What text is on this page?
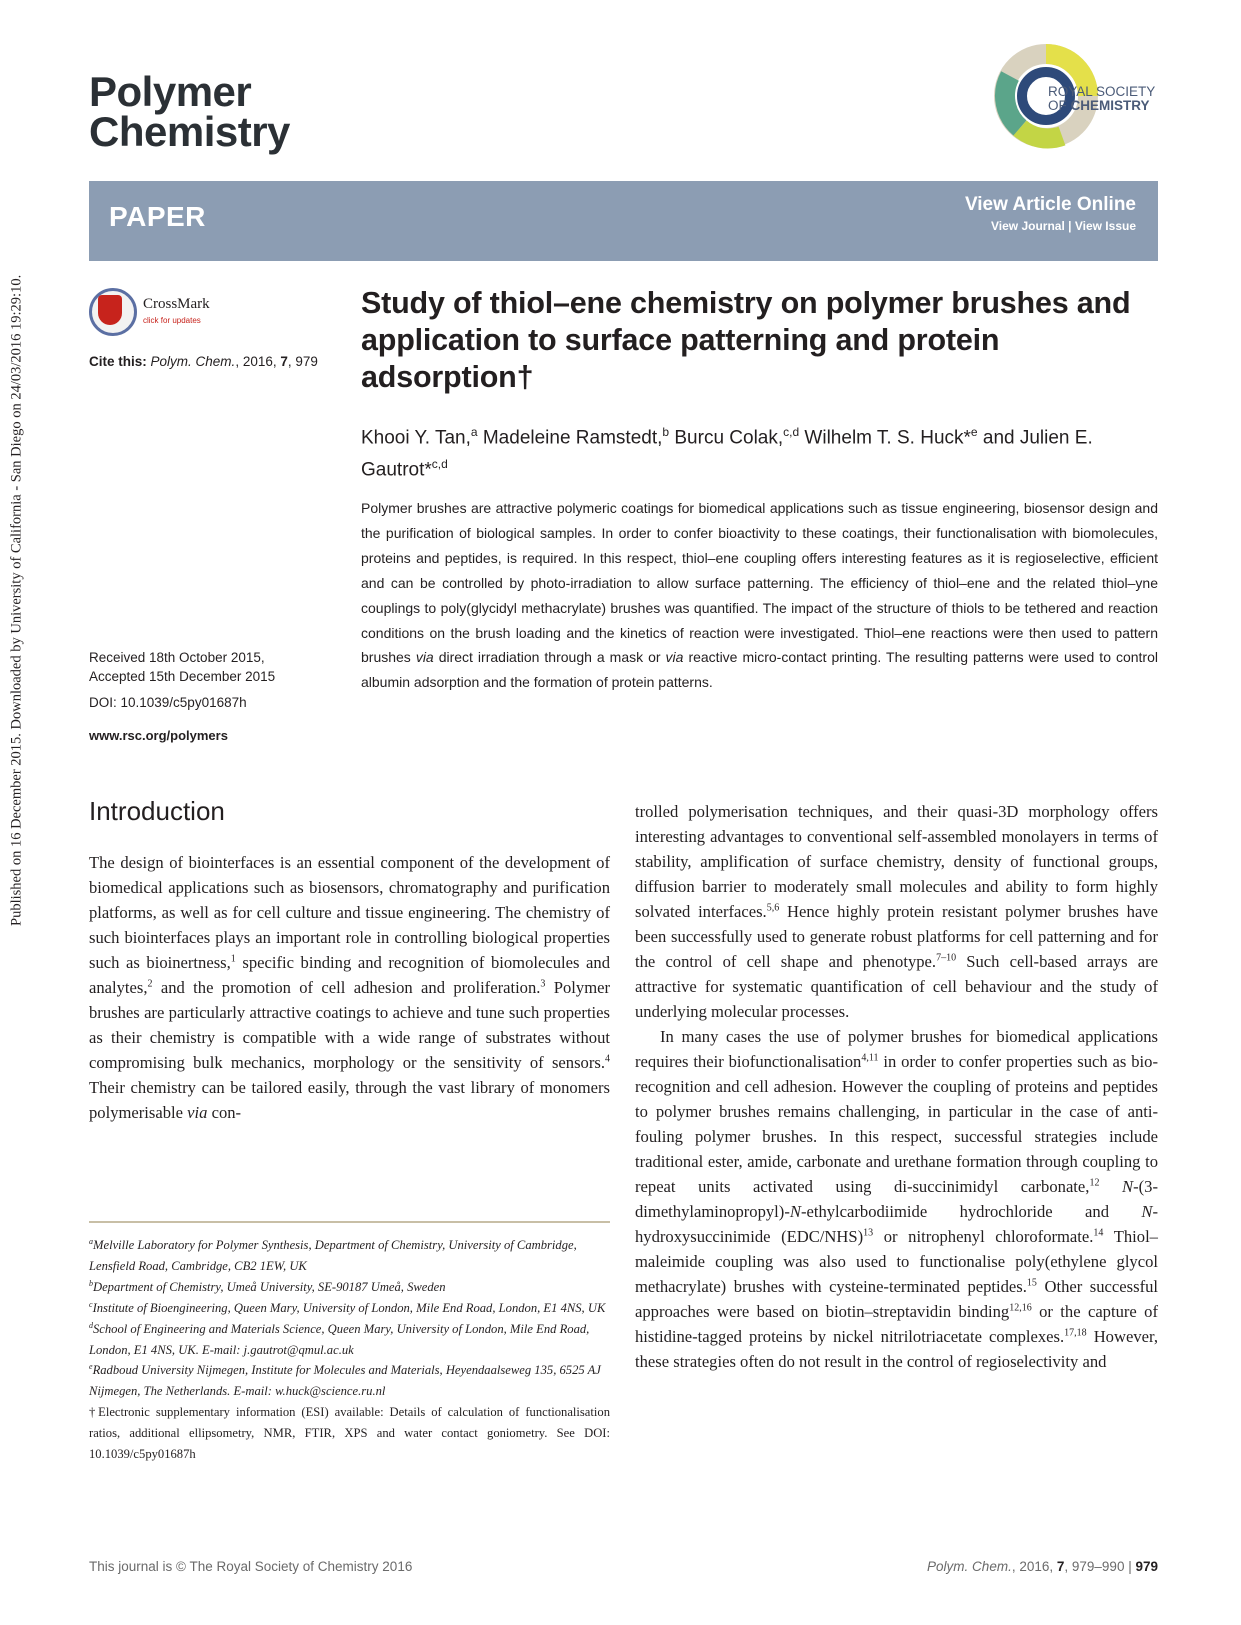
Published on 16 December 2015. Downloaded by University of California - San Diego on 24/03/2016 19:29:10.
Polymer
Chemistry
ROYAL SOCIETY
OF CHEMISTRY
PAPER	View Article Online
View Journal | View Issue
CrossMark
click for updates
Cite this: Polym. Chem., 2016, 7, 979
Study of thiol–ene chemistry on polymer brushes and application to surface patterning and protein adsorption†
Khooi Y. Tan,$^a$ Madeleine Ramstedt,$^b$ Burcu Colak,$^{c,d}$ Wilhelm T. S. Huck*$^e$ and Julien E. Gautrot*$^{c,d}$
Polymer brushes are attractive polymeric coatings for biomedical applications such as tissue engineering, biosensor design and the purification of biological samples. In order to confer bioactivity to these coatings, their functionalisation with biomolecules, proteins and peptides, is required. In this respect, thiol–ene coupling offers interesting features as it is regioselective, efficient and can be controlled by photo-irradiation to allow surface patterning. The efficiency of thiol–ene and the related thiol–yne couplings to poly(glycidyl methacrylate) brushes was quantified. The impact of the structure of thiols to be tethered and reaction conditions on the brush loading and the kinetics of reaction were investigated. Thiol–ene reactions were then used to pattern brushes via direct irradiation through a mask or via reactive micro-contact printing. The resulting patterns were used to control albumin adsorption and the formation of protein patterns.
Received 18th October 2015,
Accepted 15th December 2015
DOI: 10.1039/c5py01687h
www.rsc.org/polymers
Introduction

The design of biointerfaces is an essential component of the development of biomedical applications such as biosensors, chromatography and purification platforms, as well as for cell culture and tissue engineering. The chemistry of such biointerfaces plays an important role in controlling biological properties such as bioinertness,$^1$ specific binding and recognition of biomolecules and analytes,$^2$ and the promotion of cell adhesion and proliferation.$^3$ Polymer brushes are particularly attractive coatings to achieve and tune such properties as their chemistry is compatible with a wide range of substrates without compromising bulk mechanics, morphology or the sensitivity of sensors.$^4$ Their chemistry can be tailored easily, through the vast library of monomers polymerisable via con-

trolled polymerisation techniques, and their quasi-3D morphology offers interesting advantages to conventional self-assembled monolayers in terms of stability, amplification of surface chemistry, density of functional groups, diffusion barrier to moderately small molecules and ability to form highly solvated interfaces.$^{5,6}$ Hence highly protein resistant polymer brushes have been successfully used to generate robust platforms for cell patterning and for the control of cell shape and phenotype.$^{7-10}$ Such cell-based arrays are attractive for systematic quantification of cell behaviour and the study of underlying molecular processes.

In many cases the use of polymer brushes for biomedical applications requires their biofunctionalisation$^{4,11}$ in order to confer properties such as bio-recognition and cell adhesion. However the coupling of proteins and peptides to polymer brushes remains challenging, in particular in the case of anti-fouling polymer brushes. In this respect, successful strategies include traditional ester, amide, carbonate and urethane formation through coupling to repeat units activated using di-succinimidyl carbonate,$^{12}$ N-(3-dimethylaminopropyl)-N-ethylcarbodiimide hydrochloride and N-hydroxysuccinimide $(EDC/NHS)^{13}$ or nitrophenyl chloroformate.$^{14}$ Thiol–maleimide coupling was also used to functionalise poly(ethylene glycol methacrylate) brushes with cysteine-terminated peptides.$^{15}$ Other successful approaches were based on biotin–streptavidin binding$^{12,16}$ or the capture of histidine-tagged proteins by nickel nitrilotriacetate complexes.$^{17,18}$ However, these strategies often do not result in the control of regioselectivity and

$^a$Melville Laboratory for Polymer Synthesis, Department of Chemistry, University of Cambridge, Lensfield Road, Cambridge, CB2 1EW, UK

$^b$Department of Chemistry, Umeå University, SE-90187 Umeå, Sweden

$^c$Institute of Bioengineering, Queen Mary, University of London, Mile End Road, London, E1 4NS, UK

$^d$School of Engineering and Materials Science, Queen Mary, University of London, Mile End Road, London, E1 4NS, UK. E-mail: j.gautrot@qmul.ac.uk

$^e$Radboud University Nijmegen, Institute for Molecules and Materials, Heyendaalseweg 135, 6525 AJ Nijmegen, The Netherlands. E-mail: w.huck@science.ru.nl

†Electronic supplementary information (ESI) available: Details of calculation of functionalisation ratios, additional ellipsometry, NMR, FTIR, XPS and water contact goniometry. See DOI: 10.1039/c5py01687h

This journal is © The Royal Society of Chemistry 2016	Polym. Chem., 2016, 7, 979–990 | 979
